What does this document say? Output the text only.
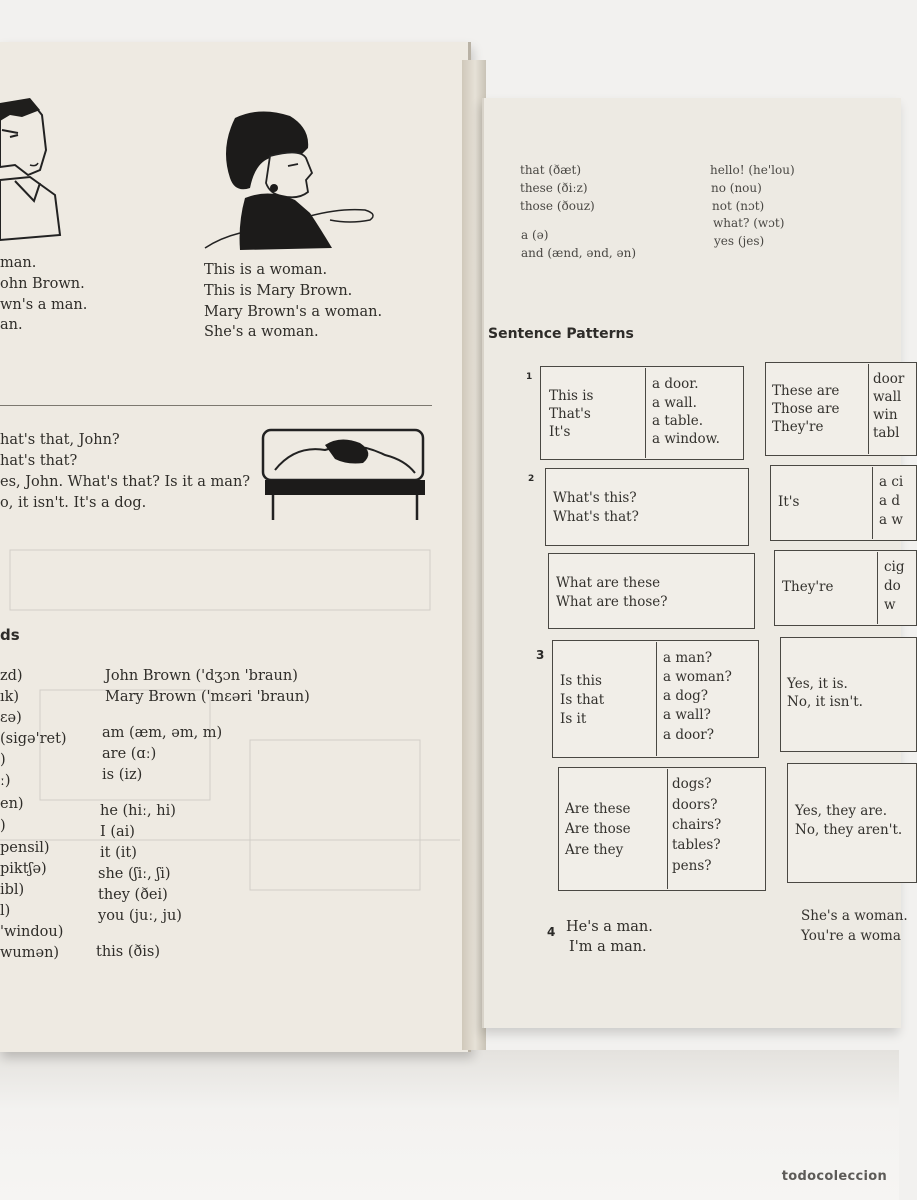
man.
ohn Brown.
wn's a man.
an.
This is a woman.
This is Mary Brown.
Mary Brown's a woman.
She's a woman.
hat's that, John?
hat's that?
es, John. What's that? Is it a man?
o, it isn't. It's a dog.
ds
zd)
ık)
ɛə)
(sigə'ret)
)
ː)
en)
)
pensil)
piktʃə)
ibl)
l)
'windou)
wumən)
John Brown ('dʒɔn 'braun)
Mary Brown ('mɛəri 'braun)
am (æm, əm, m)
are (ɑː)
is (iz)
he (hiː, hi)
I (ai)
it (it)
she (ʃiː, ʃi)
they (ðei)
you (juː, ju)
this (ðis)
that (ðæt)
these (ðiːz)
those (ðouz)
a (ə)
and (ænd, ənd, ən)
hello! (he'lou)
no (nou)
not (nɔt)
what? (wɔt)
yes (jes)
Sentence Patterns
1
This is
That's
It's
a door.
a wall.
a table.
a window.
These are
Those are
They're
door
wall
win
tabl
2
What's this?
What's that?
It's
a ci
a d
a w
What are these
What are those?
They're
cig
do
w
3
Is this
Is that
Is it
a man?
a woman?
a dog?
a wall?
a door?
Yes, it is.
No, it isn't.
Are these
Are those
Are they
dogs?
doors?
chairs?
tables?
pens?
Yes, they are.
No, they aren't.
4 He's a man.
I'm a man.
She's a woman.
You're a woma
todocoleccion
